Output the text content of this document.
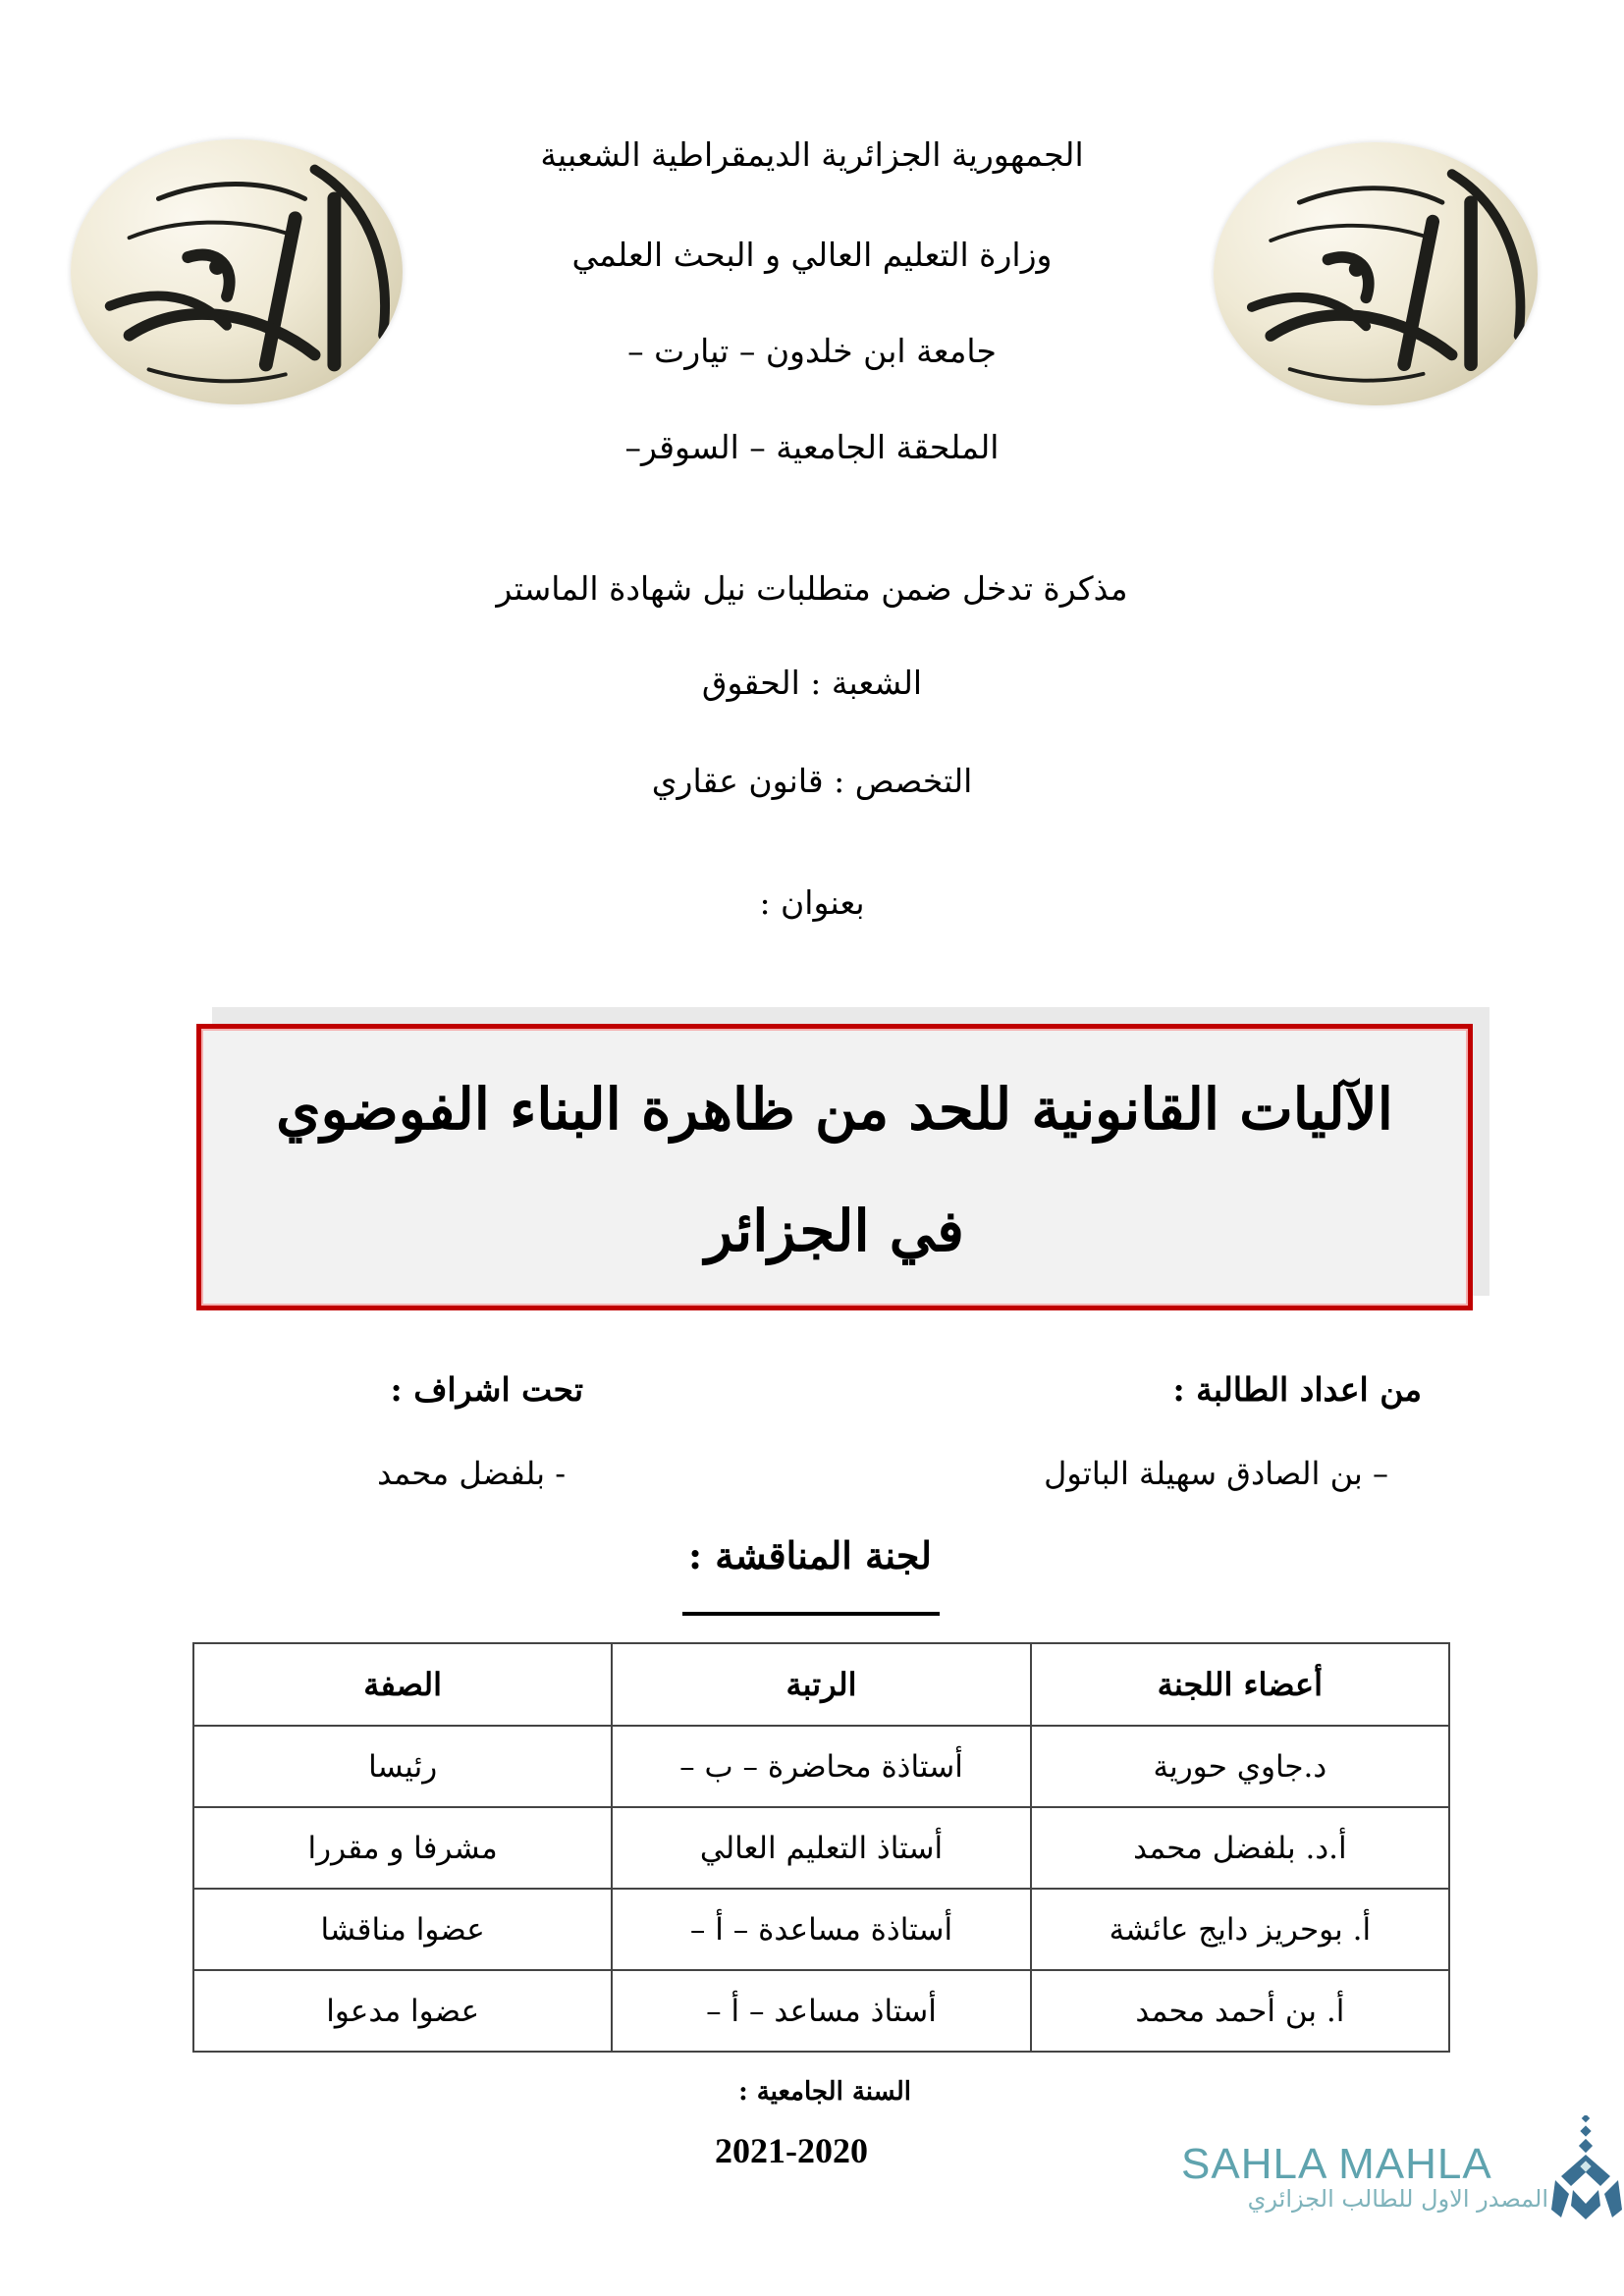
الجمهورية الجزائرية الديمقراطية الشعبية
وزارة التعليم العالي و البحث العلمي
جامعة ابن خلدون – تيارت –
الملحقة الجامعية – السوقر–
مذكرة تدخل ضمن متطلبات نيل شهادة الماستر
الشعبة : الحقوق
التخصص : قانون عقاري
بعنوان :
الآليات القانونية للحد من ظاهرة البناء الفوضوي
في الجزائر
من اعداد الطالبة :
تحت اشراف :
– بن الصادق سهيلة الباتول
- بلفضل محمد
لجنة المناقشة :
أعضاء اللجنة	الرتبة	الصفة
د.جاوي حورية	أستاذة محاضرة – ب –	رئيسا
أ.د. بلفضل محمد	أستاذ التعليم العالي	مشرفا و مقررا
أ. بوحريز دايج عائشة	أستاذة مساعدة – أ –	عضوا مناقشا
أ. بن أحمد محمد	أستاذ مساعد – أ –	عضوا مدعوا
السنة الجامعية :
2021-2020	SAHLA MAHLA
المصدر الاول للطالب الجزائري
